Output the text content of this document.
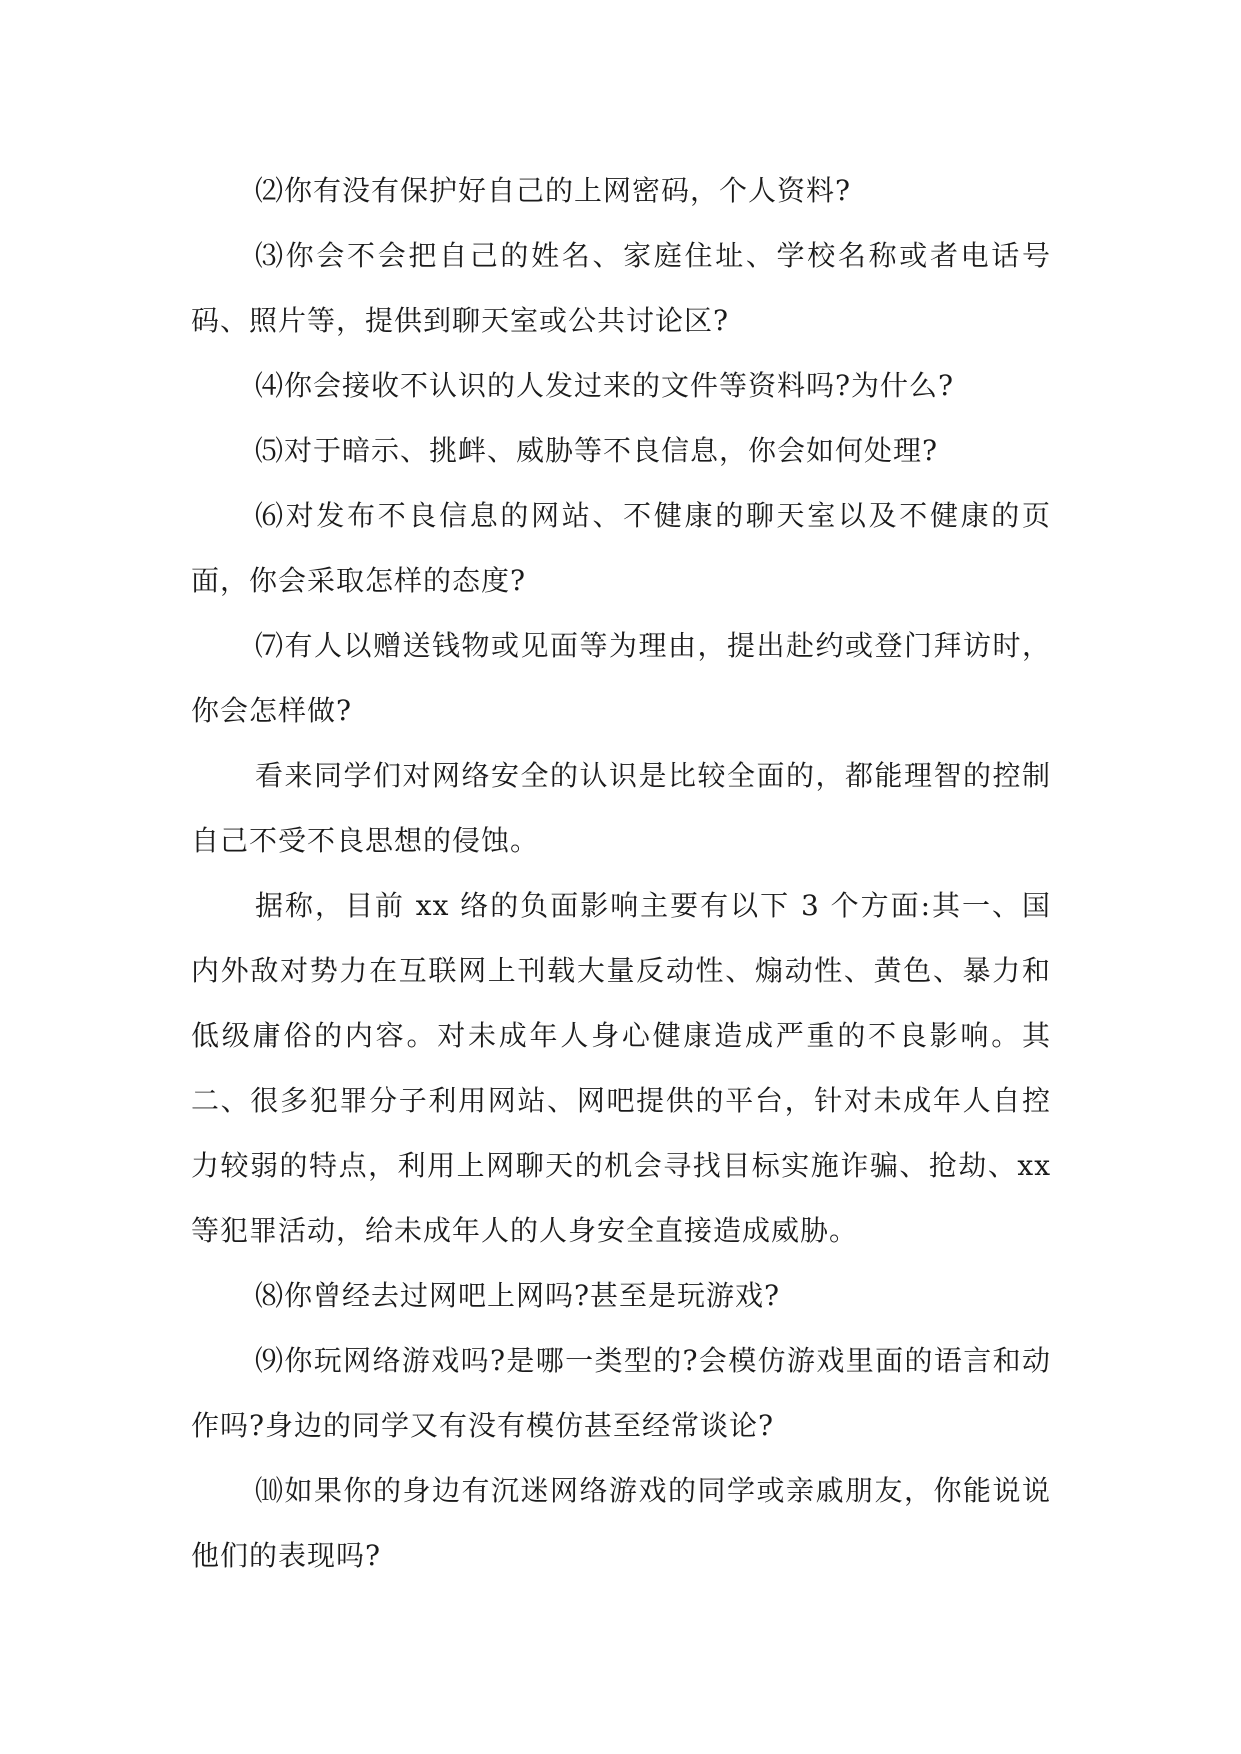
⑵你有没有保护好自己的上网密码，个人资料?

⑶你会不会把自己的姓名、家庭住址、学校名称或者电话号码、照片等，提供到聊天室或公共讨论区?

⑷你会接收不认识的人发过来的文件等资料吗?为什么?

⑸对于暗示、挑衅、威胁等不良信息，你会如何处理?

⑹对发布不良信息的网站、不健康的聊天室以及不健康的页面，你会采取怎样的态度?

⑺有人以赠送钱物或见面等为理由，提出赴约或登门拜访时，你会怎样做?

看来同学们对网络安全的认识是比较全面的，都能理智的控制自己不受不良思想的侵蚀。

据称，目前 xx 络的负面影响主要有以下 3 个方面:其一、国内外敌对势力在互联网上刊载大量反动性、煽动性、黄色、暴力和低级庸俗的内容。对未成年人身心健康造成严重的不良影响。其二、很多犯罪分子利用网站、网吧提供的平台，针对未成年人自控力较弱的特点，利用上网聊天的机会寻找目标实施诈骗、抢劫、xx 等犯罪活动，给未成年人的人身安全直接造成威胁。

⑻你曾经去过网吧上网吗?甚至是玩游戏?

⑼你玩网络游戏吗?是哪一类型的?会模仿游戏里面的语言和动作吗?身边的同学又有没有模仿甚至经常谈论?

⑽如果你的身边有沉迷网络游戏的同学或亲戚朋友，你能说说他们的表现吗?
